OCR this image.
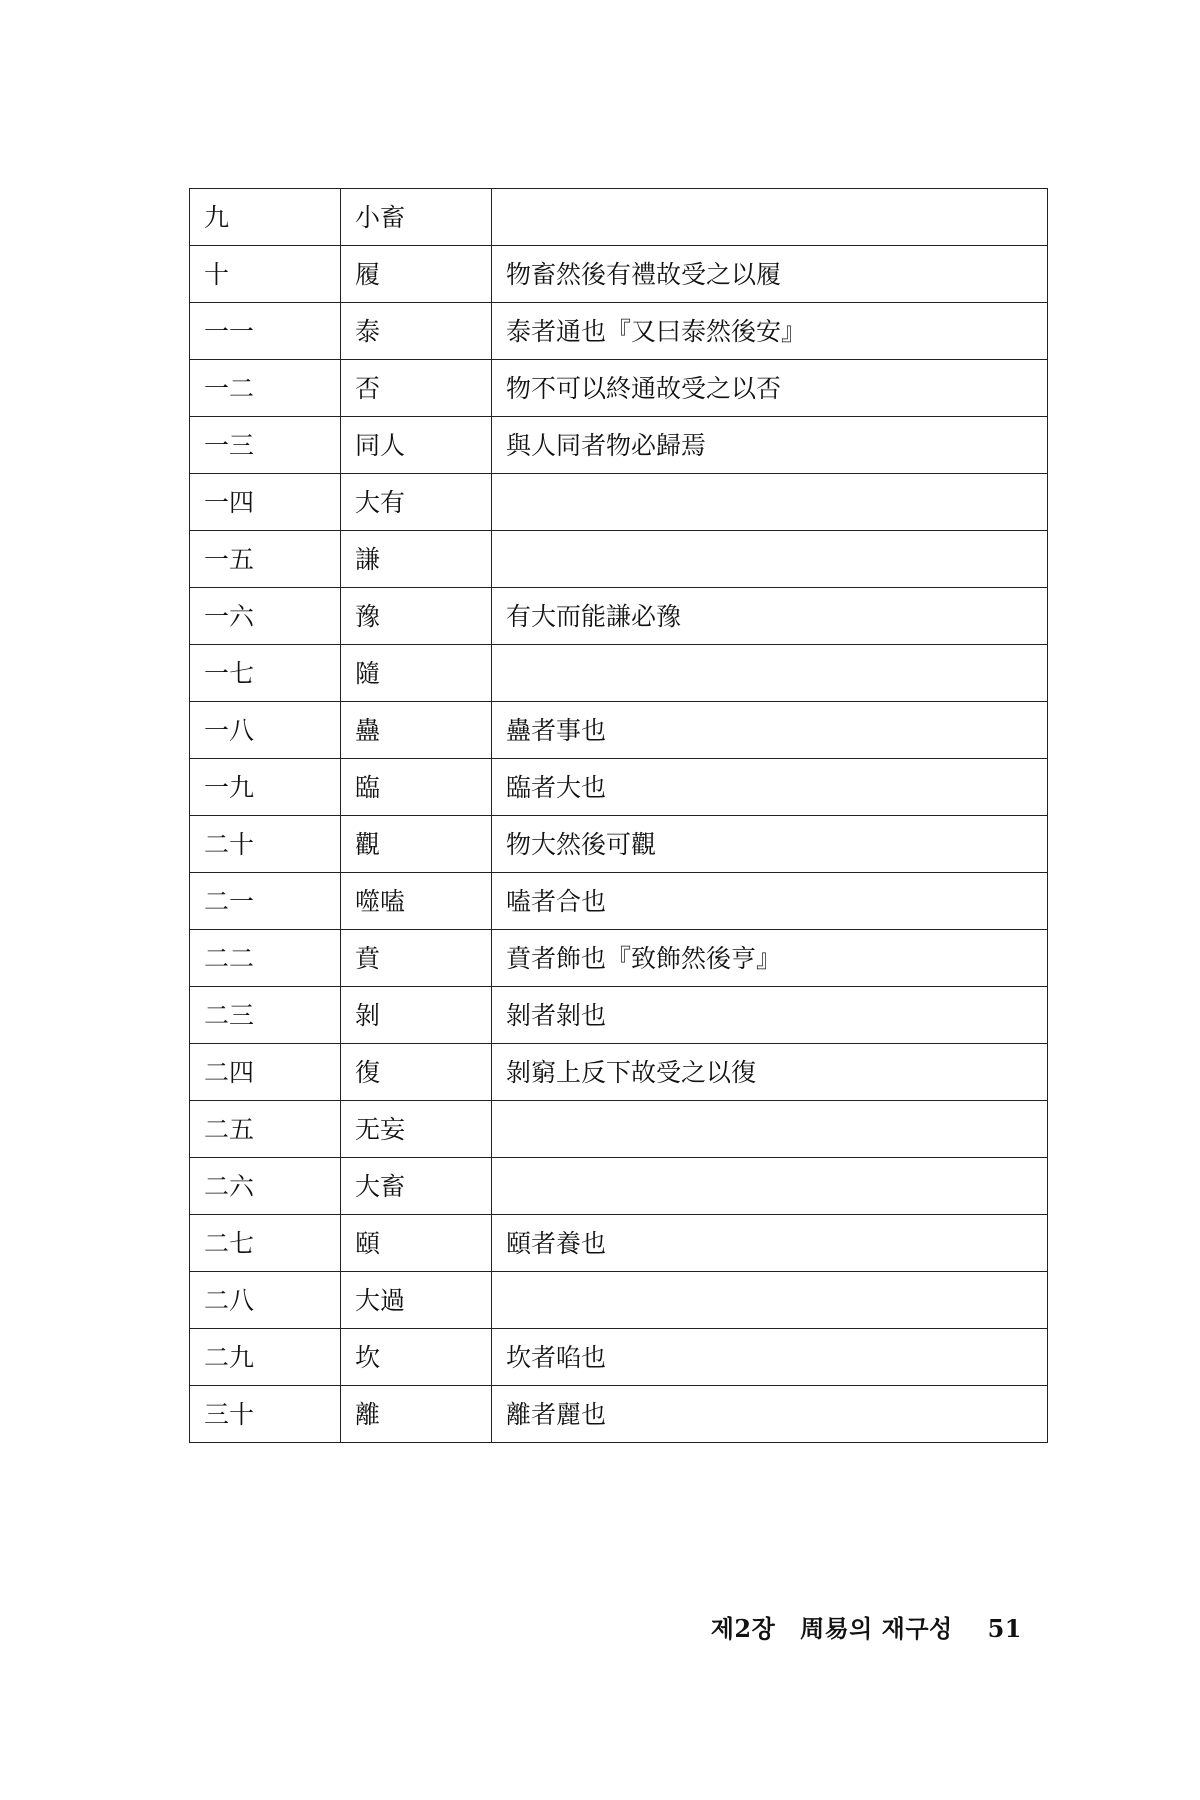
九	小畜	
十	履	物畜然後有禮故受之以履
一一	泰	泰者通也『又曰泰然後安』
一二	否	物不可以終通故受之以否
一三	同人	與人同者物必歸焉
一四	大有	
一五	謙	
一六	豫	有大而能謙必豫
一七	隨	
一八	蠱	蠱者事也
一九	臨	臨者大也
二十	觀	物大然後可觀
二一	噬嗑	嗑者合也
二二	賁	賁者飾也『致飾然後亨』
二三	剝	剝者剝也
二四	復	剝窮上反下故受之以復
二五	无妄	
二六	大畜	
二七	頤	頤者養也
二八	大過	
二九	坎	坎者啗也
三十	離	離者麗也
제2장 周易의 재구성 51
